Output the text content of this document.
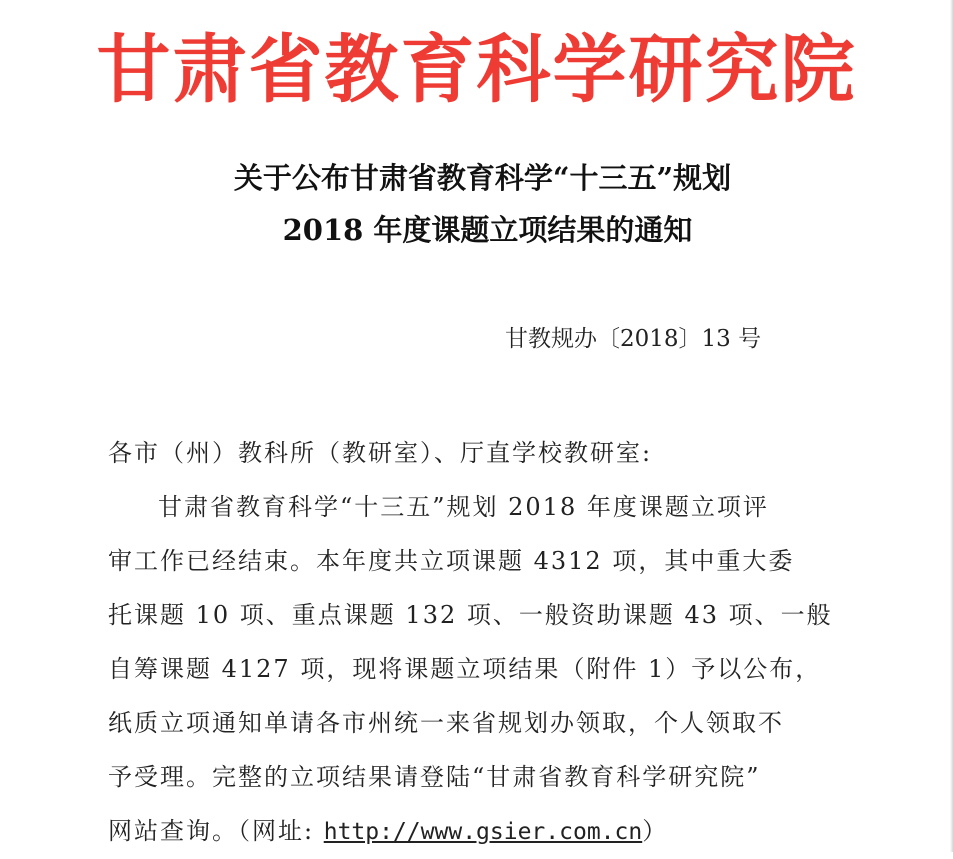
甘肃省教育科学研究院
关于公布甘肃省教育科学“十三五”规划
2018 年度课题立项结果的通知
甘教规办〔2018〕13 号
各市（州）教科所（教研室）、厅直学校教研室:
甘肃省教育科学“十三五”规划 2018 年度课题立项评
审工作已经结束。本年度共立项课题 4312 项，其中重大委
托课题 10 项、重点课题 132 项、一般资助课题 43 项、一般
自筹课题 4127 项，现将课题立项结果（附件 1）予以公布，
纸质立项通知单请各市州统一来省规划办领取，个人领取不
予受理。完整的立项结果请登陆“甘肃省教育科学研究院”
网站查询。（网址: http://www.gsier.com.cn）
